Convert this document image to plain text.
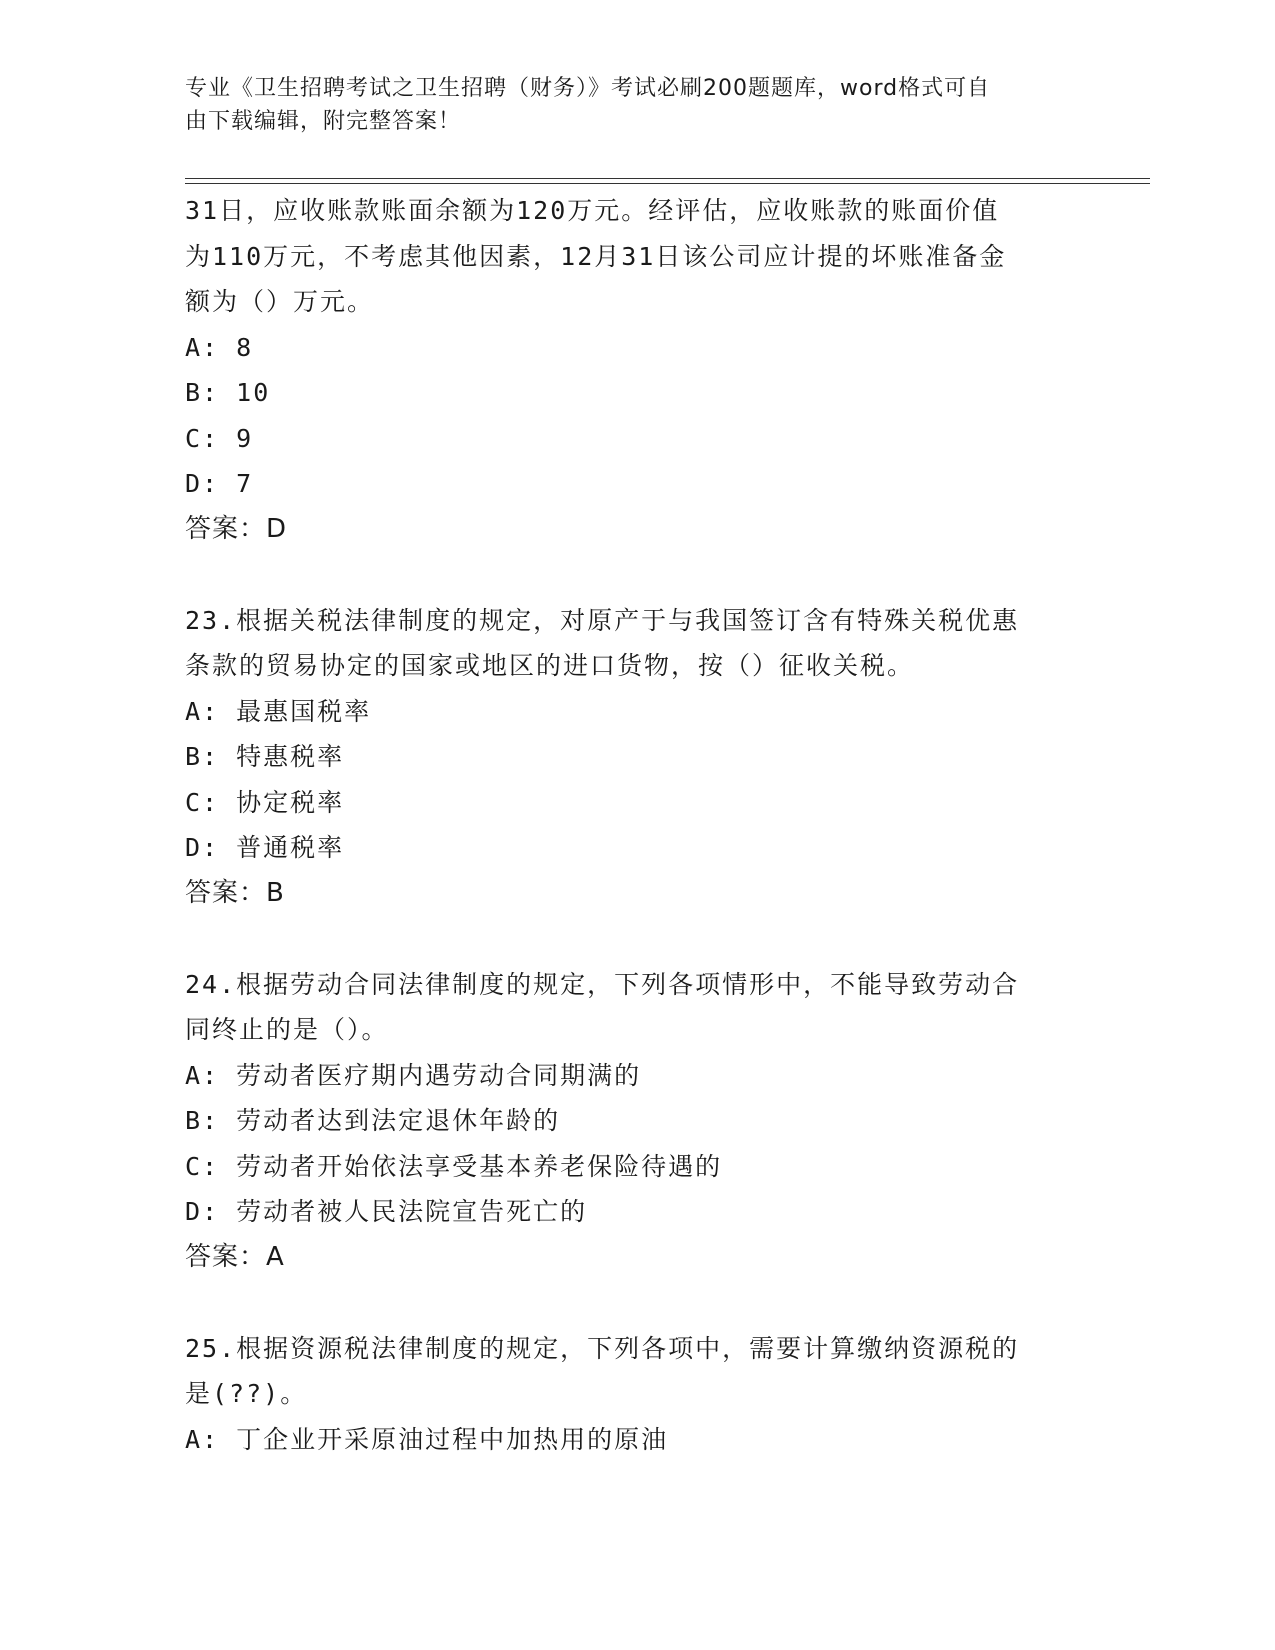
专业《卫生招聘考试之卫生招聘（财务）》考试必刷200题题库，word格式可自
由下载编辑，附完整答案！

31日，应收账款账面余额为120万元。经评估，应收账款的账面价值

为110万元，不考虑其他因素，12月31日该公司应计提的坏账准备金

额为（）万元。

A: 8

B: 10

C: 9

D: 7

答案：D

23.根据关税法律制度的规定，对原产于与我国签订含有特殊关税优惠

条款的贸易协定的国家或地区的进口货物，按（）征收关税。

A: 最惠国税率

B: 特惠税率

C: 协定税率

D: 普通税率

答案：B

24.根据劳动合同法律制度的规定，下列各项情形中，不能导致劳动合

同终止的是（）。

A: 劳动者医疗期内遇劳动合同期满的

B: 劳动者达到法定退休年龄的

C: 劳动者开始依法享受基本养老保险待遇的

D: 劳动者被人民法院宣告死亡的

答案：A

25.根据资源税法律制度的规定，下列各项中，需要计算缴纳资源税的

是(??)。

A: 丁企业开采原油过程中加热用的原油
